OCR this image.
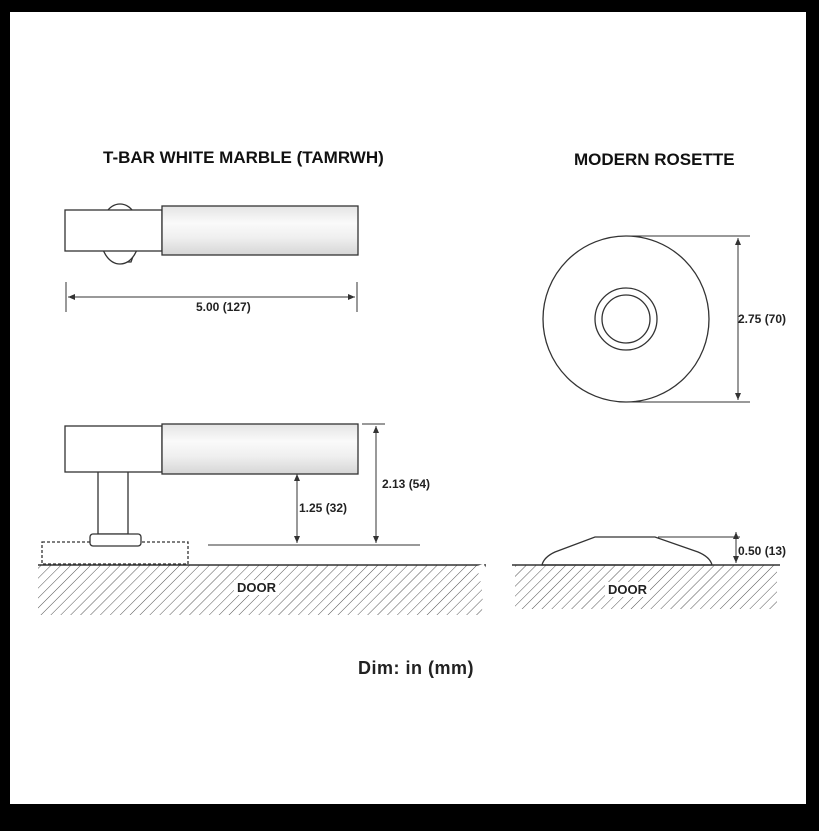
T-BAR WHITE MARBLE (TAMRWH)	MODERN ROSETTE
5.00 (127)
1.25 (32)
2.13 (54)
2.75 (70)
0.50 (13)
DOOR	DOOR
Dim: in (mm)
